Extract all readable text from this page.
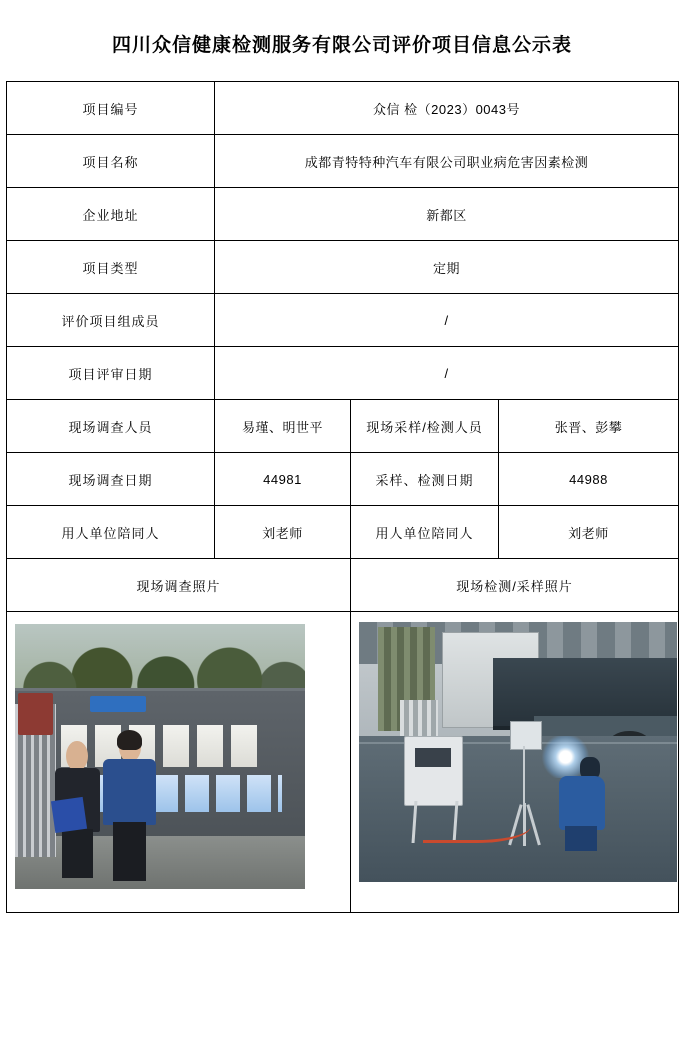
四川众信健康检测服务有限公司评价项目信息公示表
项目编号	众信 检（2023）0043号		
项目名称	成都青特特种汽车有限公司职业病危害因素检测		
企业地址	新都区		
项目类型	定期		
评价项目组成员	/		
项目评审日期	/		
现场调查人员	易瑾、明世平	现场采样/检测人员	张晋、彭攀
现场调查日期	44981	采样、检测日期	44988
用人单位陪同人	刘老师	用人单位陪同人	刘老师
现场调查照片		现场检测/采样照片	
